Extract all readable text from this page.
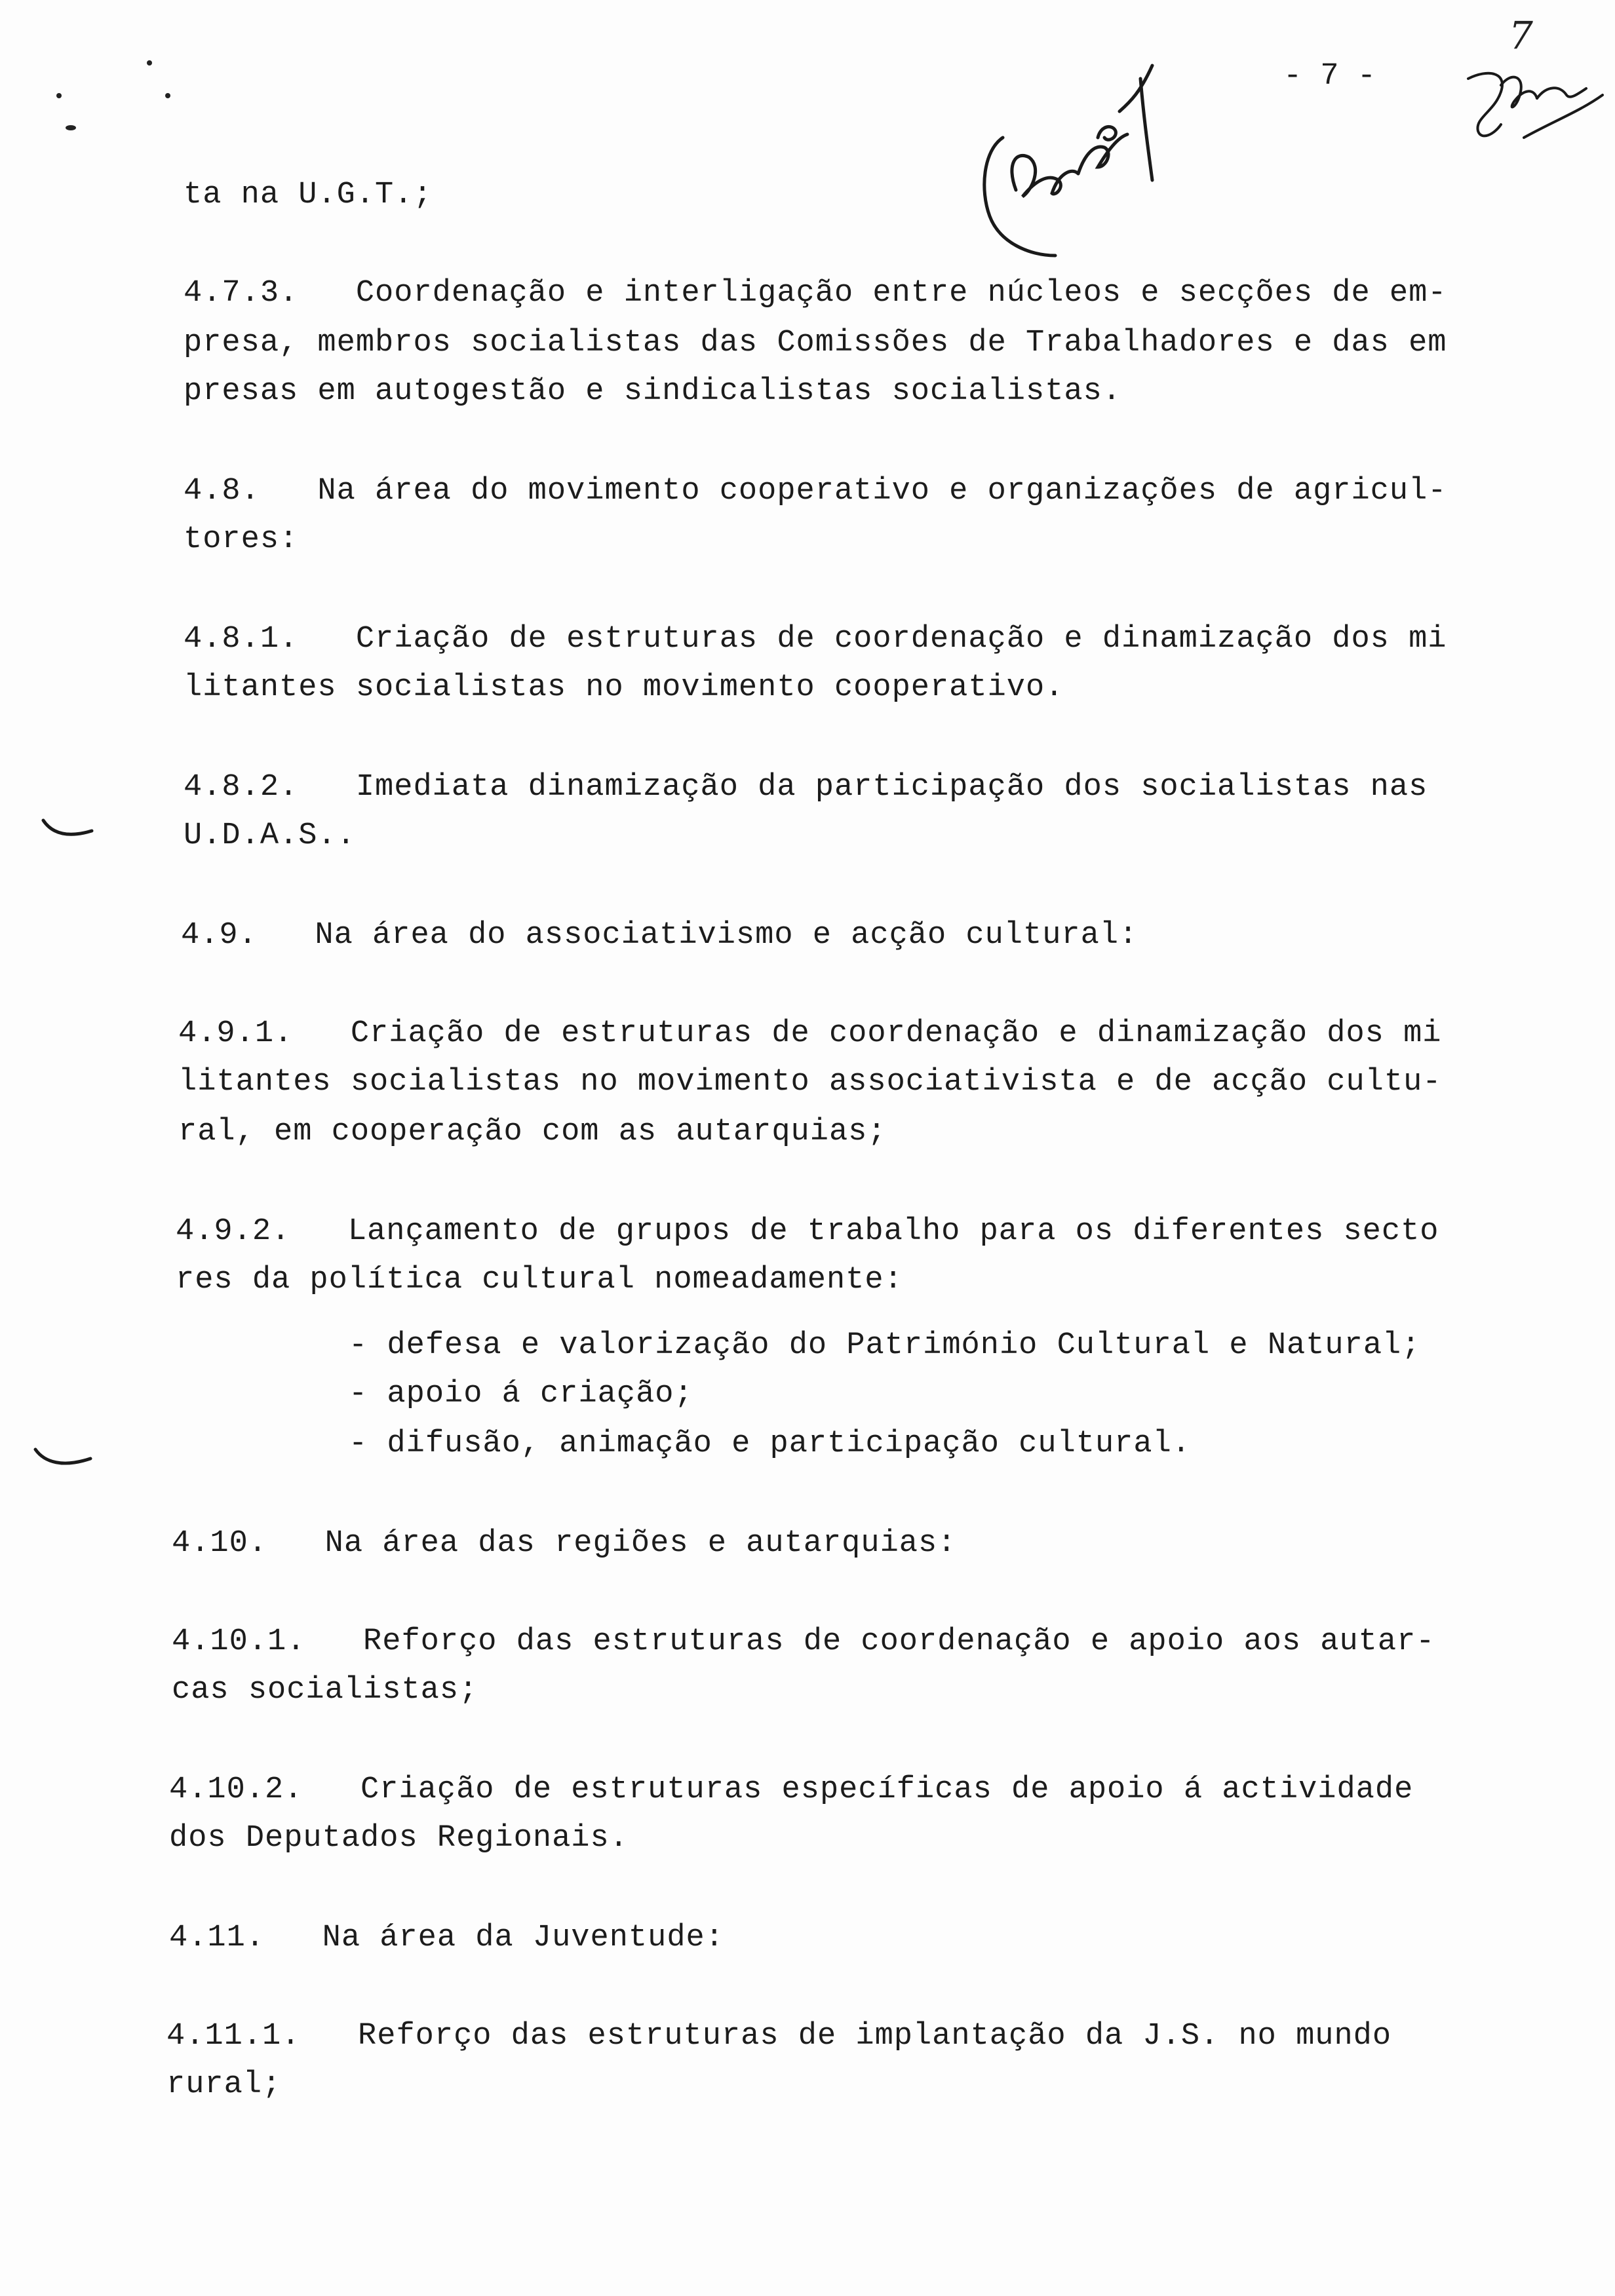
- 7 -
7
ta na U.G.T.;
4.7.3.   Coordenação e interligação entre núcleos e secções de em-
presa, membros socialistas das Comissões de Trabalhadores e das em
presas em autogestão e sindicalistas socialistas.
4.8.   Na área do movimento cooperativo e organizações de agricul-
tores:
4.8.1.   Criação de estruturas de coordenação e dinamização dos mi
litantes socialistas no movimento cooperativo.
4.8.2.   Imediata dinamização da participação dos socialistas nas
U.D.A.S..
4.9.   Na área do associativismo e acção cultural:
4.9.1.   Criação de estruturas de coordenação e dinamização dos mi
litantes socialistas no movimento associativista e de acção cultu-
ral, em cooperação com as autarquias;
4.9.2.   Lançamento de grupos de trabalho para os diferentes secto
res da política cultural nomeadamente:
- defesa e valorização do Património Cultural e Natural;
- apoio á criação;
- difusão, animação e participação cultural.
4.10.   Na área das regiões e autarquias:
4.10.1.   Reforço das estruturas de coordenação e apoio aos autar-
cas socialistas;
4.10.2.   Criação de estruturas específicas de apoio á actividade
dos Deputados Regionais.
4.11.   Na área da Juventude:
4.11.1.   Reforço das estruturas de implantação da J.S. no mundo
rural;
